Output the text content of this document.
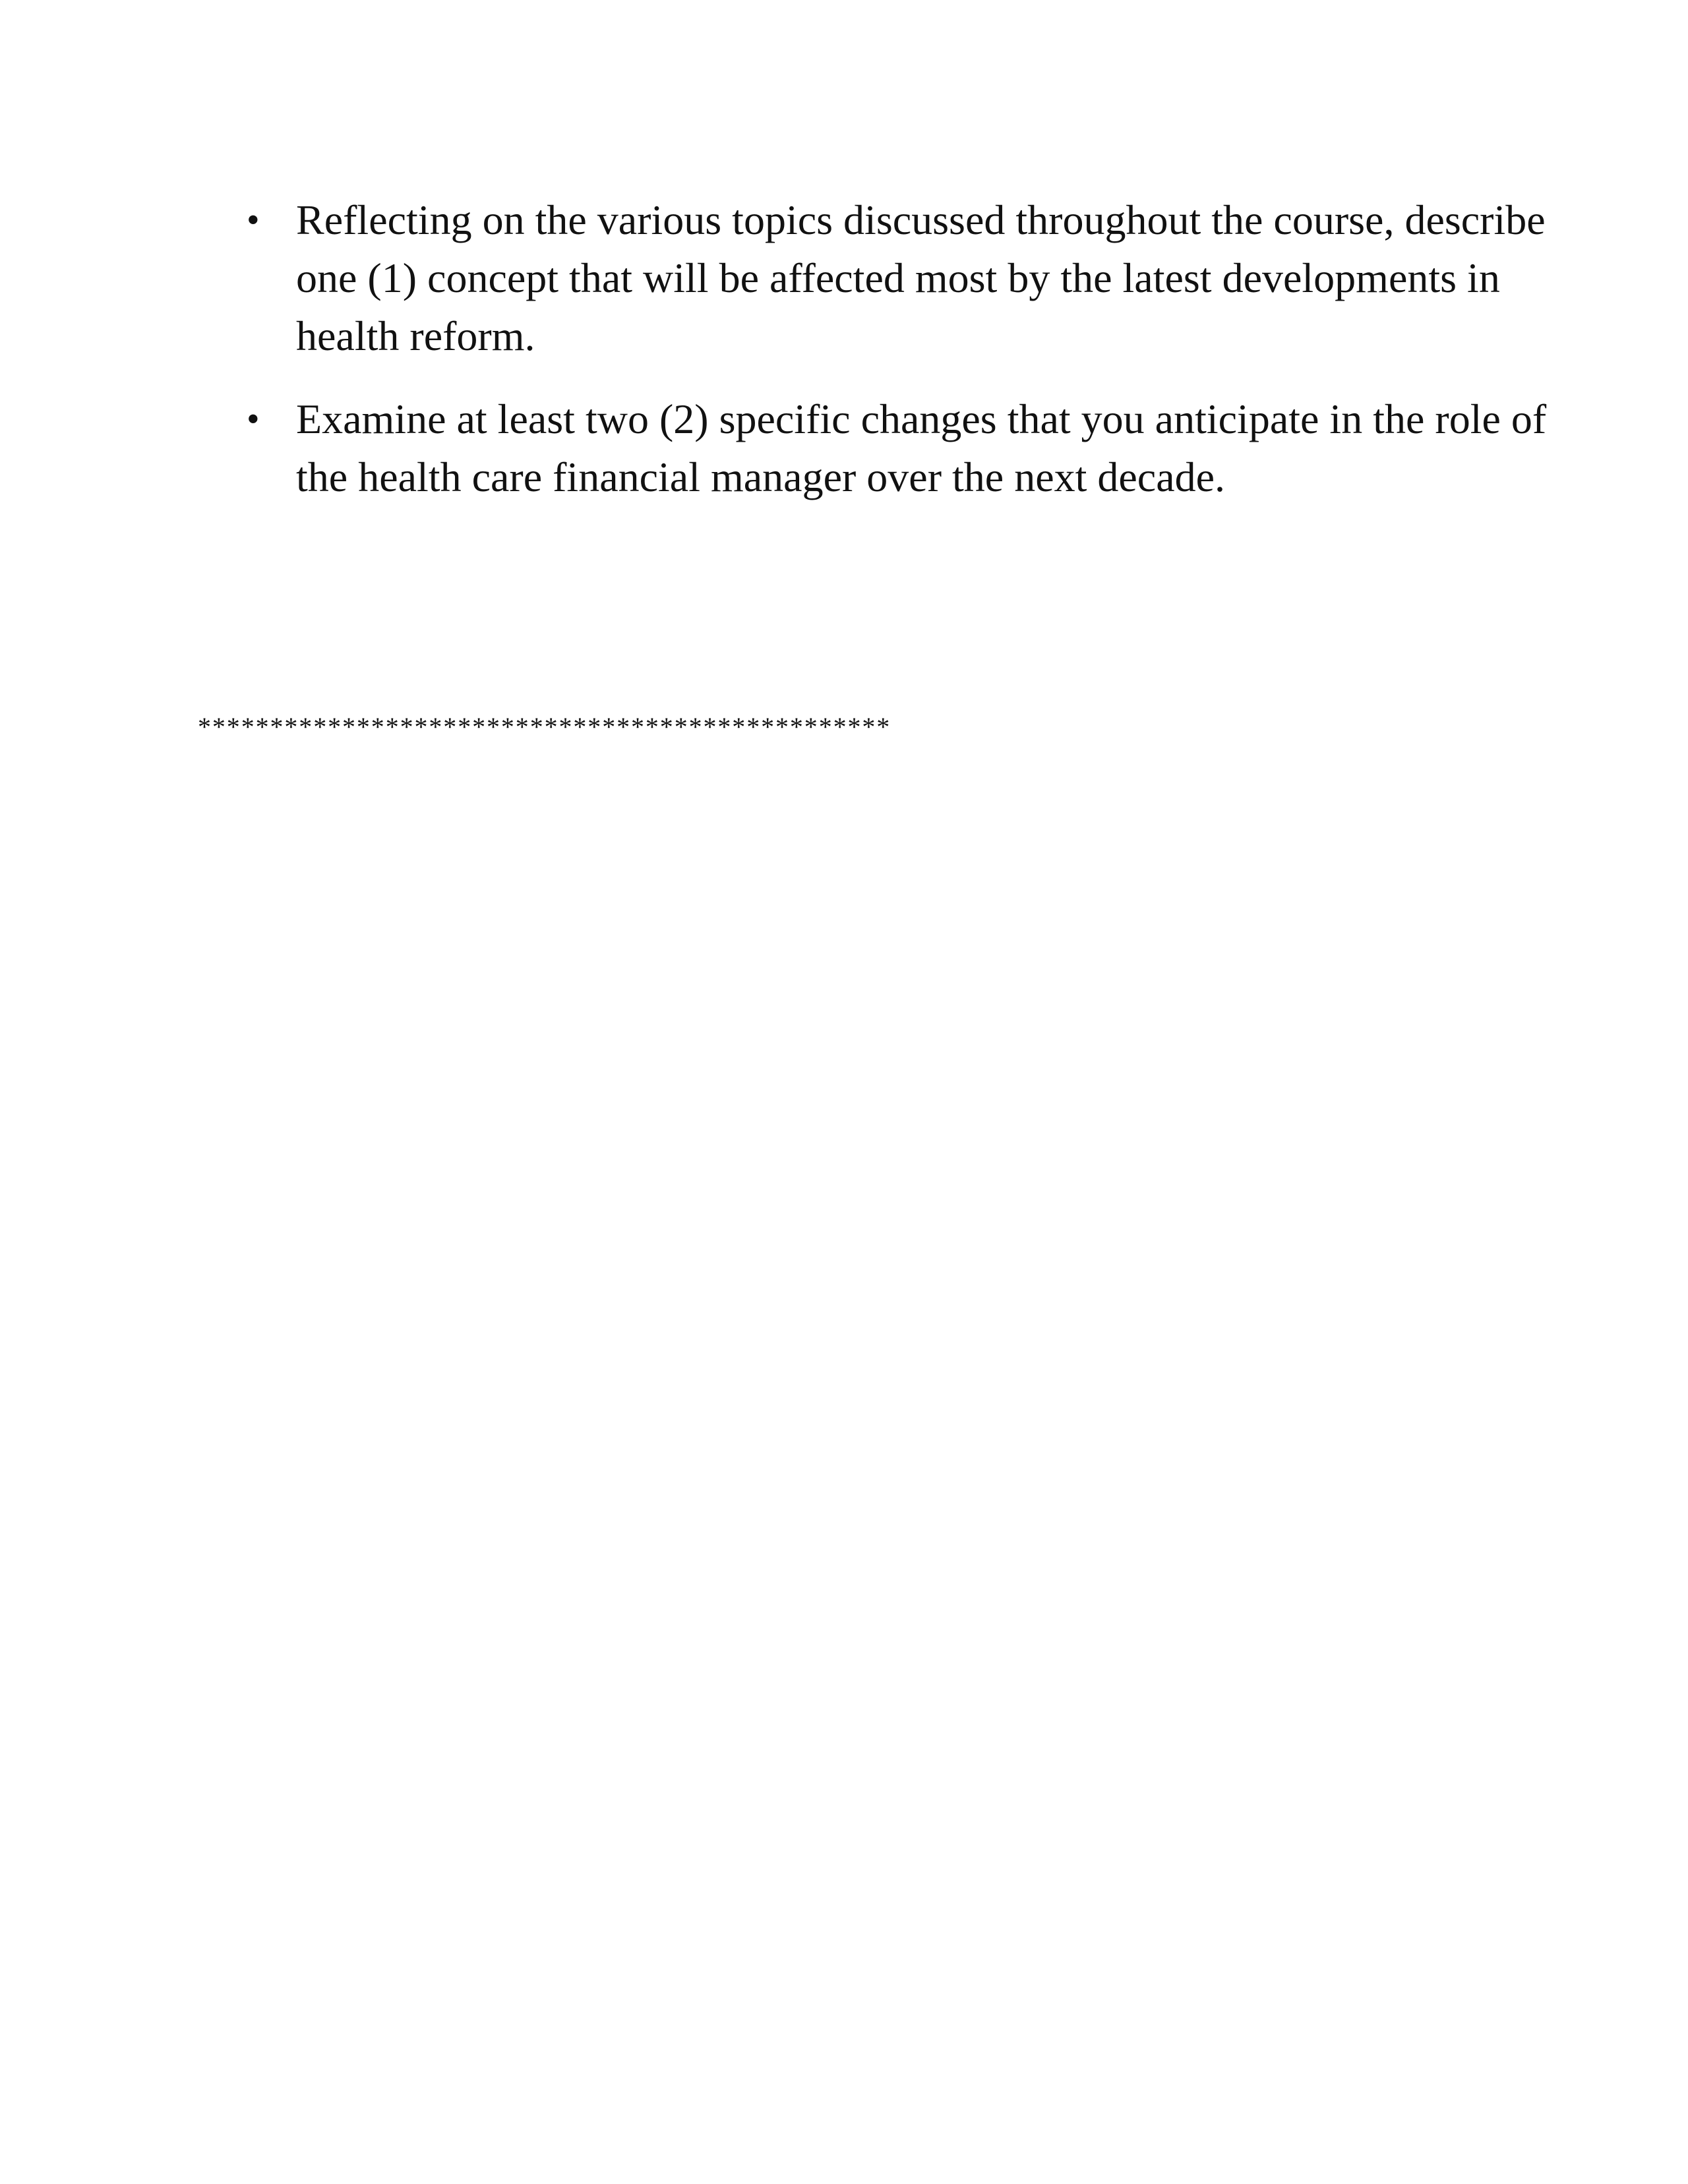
• Reflecting on the various topics discussed throughout the course, describe one (1) concept that will be affected most by the latest developments in health reform.
• Examine at least two (2) specific changes that you anticipate in the role of the health care financial manager over the next decade.
************************************************
